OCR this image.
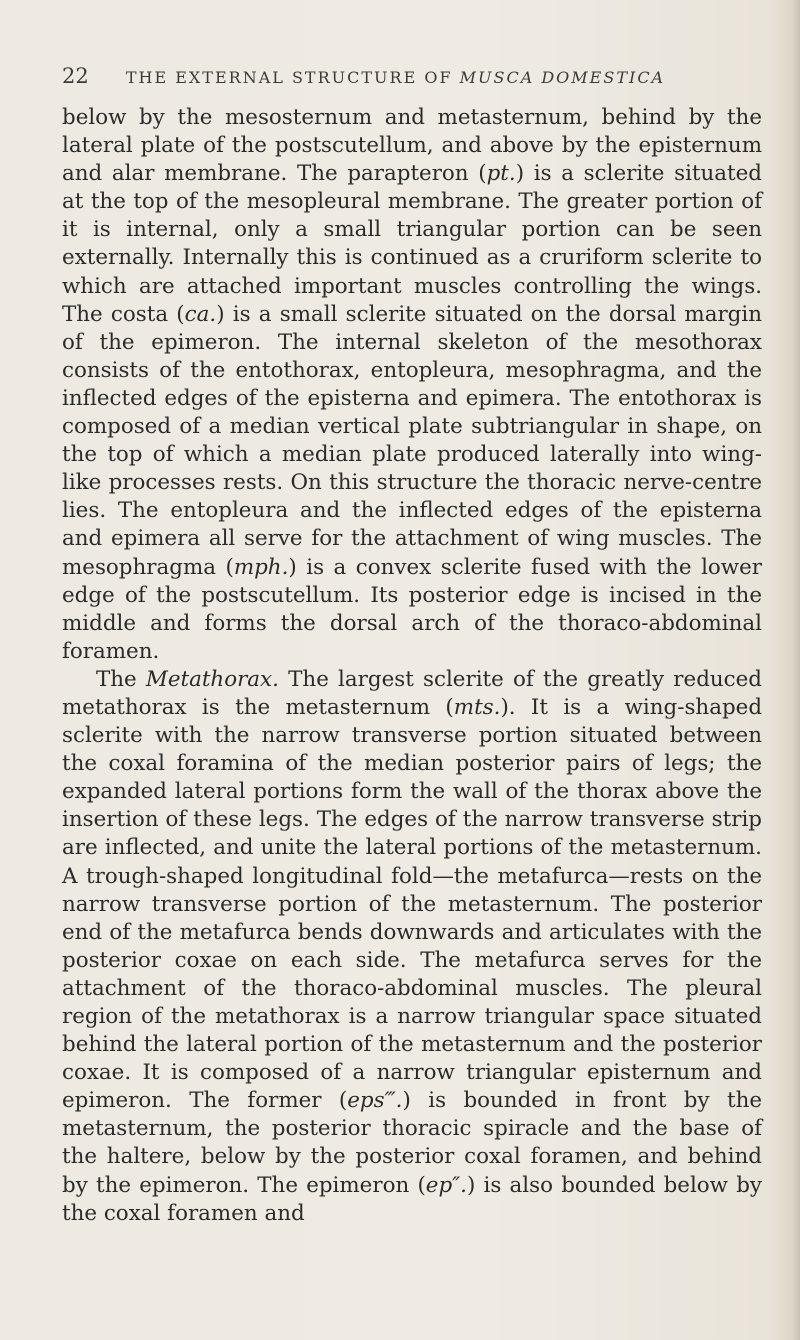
22 THE EXTERNAL STRUCTURE OF MUSCA DOMESTICA

below by the mesosternum and metasternum, behind by the lateral plate of the postscutellum, and above by the episternum and alar membrane. The parapteron (pt.) is a sclerite situated at the top of the mesopleural membrane. The greater portion of it is internal, only a small triangular portion can be seen externally. Internally this is continued as a cruriform sclerite to which are attached important muscles controlling the wings. The costa (ca.) is a small sclerite situated on the dorsal margin of the epimeron. The internal skeleton of the mesothorax consists of the entothorax, entopleura, mesophragma, and the inflected edges of the episterna and epimera. The entothorax is composed of a median vertical plate subtriangular in shape, on the top of which a median plate produced laterally into wing-like processes rests. On this structure the thoracic nerve-centre lies. The entopleura and the inflected edges of the episterna and epimera all serve for the attachment of wing muscles. The mesophragma (mph.) is a convex sclerite fused with the lower edge of the postscutellum. Its posterior edge is incised in the middle and forms the dorsal arch of the thoraco-abdominal foramen.

The Metathorax. The largest sclerite of the greatly reduced metathorax is the metasternum (mts.). It is a wing-shaped sclerite with the narrow transverse portion situated between the coxal foramina of the median posterior pairs of legs; the expanded lateral portions form the wall of the thorax above the insertion of these legs. The edges of the narrow transverse strip are inflected, and unite the lateral portions of the metasternum. A trough-shaped longitudinal fold—the metafurca—rests on the narrow transverse portion of the metasternum. The posterior end of the metafurca bends downwards and articulates with the posterior coxae on each side. The metafurca serves for the attachment of the thoraco-abdominal muscles. The pleural region of the metathorax is a narrow triangular space situated behind the lateral portion of the metasternum and the posterior coxae. It is composed of a narrow triangular episternum and epimeron. The former (eps‴.) is bounded in front by the metasternum, the posterior thoracic spiracle and the base of the haltere, below by the posterior coxal foramen, and behind by the epimeron. The epimeron (ep″.) is also bounded below by the coxal foramen and
